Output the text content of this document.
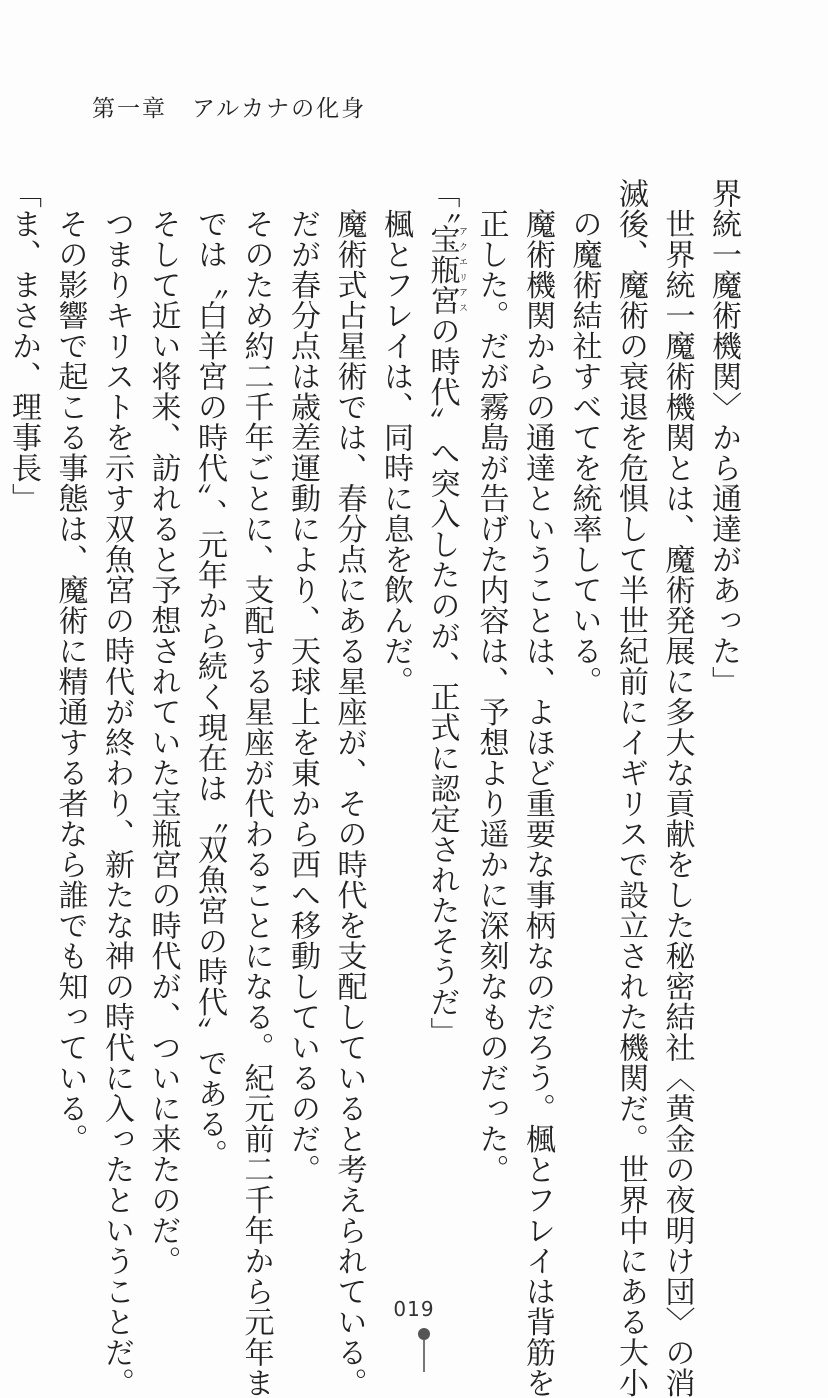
第一章　アルカナの化身
界統一魔術機関〉から通達があった」
　世界統一魔術機関とは、魔術発展に多大な貢献をした秘密結社〈黄金の夜明け団〉の消
滅後、魔術の衰退を危惧して半世紀前にイギリスで設立された機関だ。世界中にある大小
　の魔術結社すべてを統率している。
　魔術機関からの通達ということは、よほど重要な事柄なのだろう。楓とフレイは背筋を
　正した。だが霧島が告げた内容は、予想より遥かに深刻なものだった。
「〝宝瓶宮アクエリアスの時代〟へ突入したのが、正式に認定されたそうだ」
　楓とフレイは、同時に息を飲んだ。
　魔術式占星術では、春分点にある星座が、その時代を支配していると考えられている。
　だが春分点は歳差運動により、天球上を東から西へ移動しているのだ。
　そのため約二千年ごとに、支配する星座が代わることになる。紀元前二千年から元年ま
　では〝白羊宮の時代〟、元年から続く現在は〝双魚宮の時代〟である。
　そして近い将来、訪れると予想されていた宝瓶宮の時代が、ついに来たのだ。
　つまりキリストを示す双魚宮の時代が終わり、新たな神の時代に入ったということだ。
　その影響で起こる事態は、魔術に精通する者なら誰でも知っている。
「ま、まさか、理事長」
019
